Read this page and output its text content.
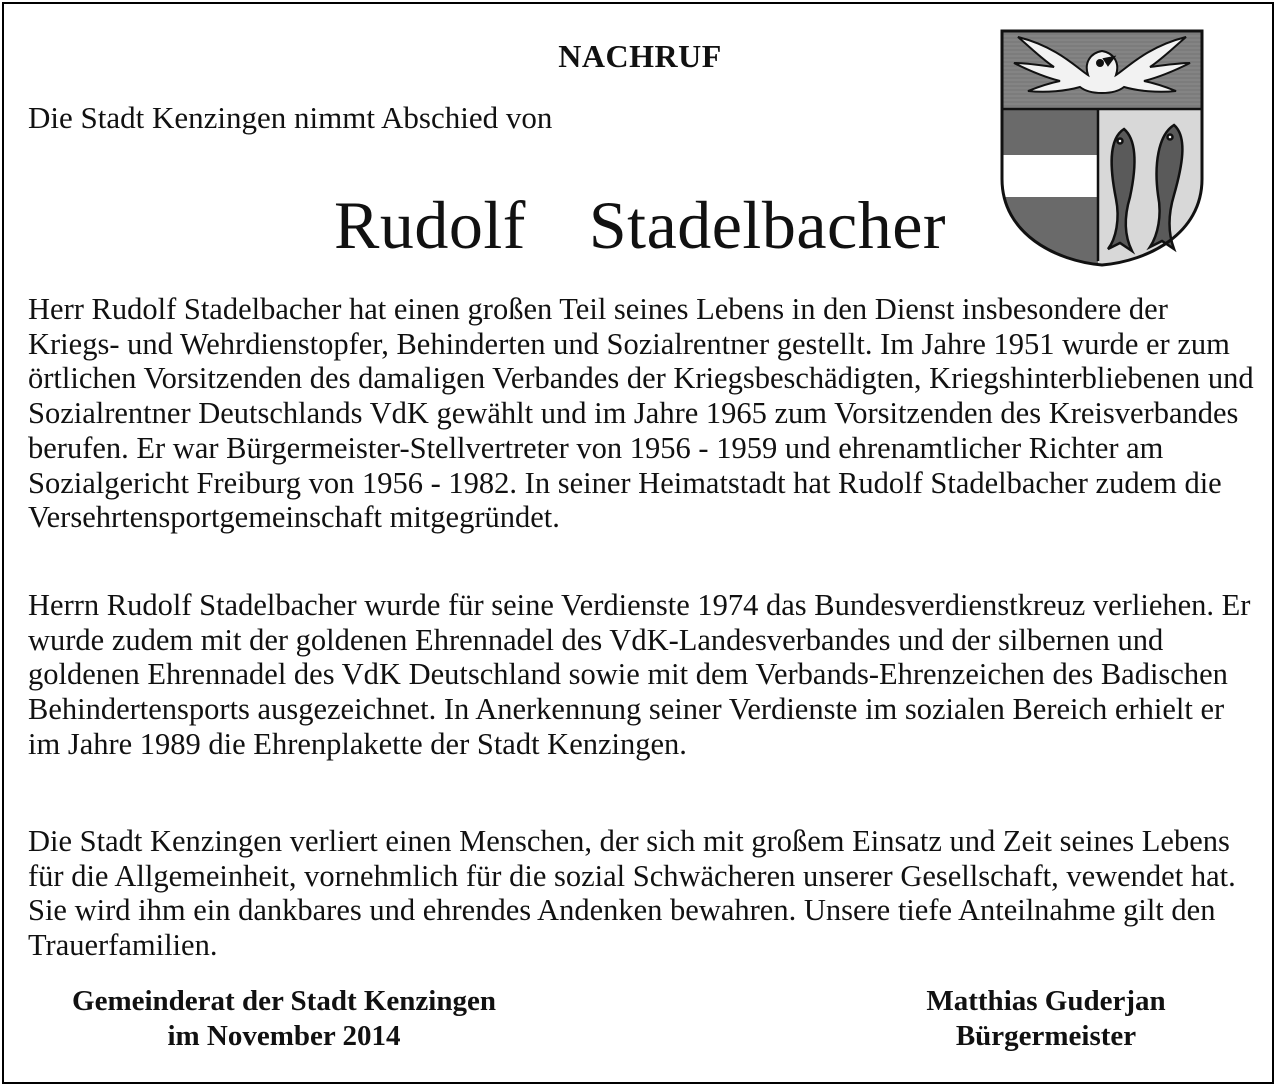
NACHRUF
Die Stadt Kenzingen nimmt Abschied von
Rudolf  Stadelbacher

Herr Rudolf Stadelbacher hat einen großen Teil seines Lebens in den Dienst insbesondere der Kriegs- und Wehrdienstopfer, Behinderten und Sozialrentner gestellt. Im Jahre 1951 wurde er zum örtlichen Vorsitzenden des damaligen Verbandes der Kriegsbeschädigten, Kriegshinterbliebenen und Sozialrentner Deutschlands VdK gewählt und im Jahre 1965 zum Vorsitzenden des Kreisverbandes berufen. Er war Bürgermeister-Stellvertreter von 1956 - 1959 und ehrenamtlicher Richter am Sozialgericht Freiburg von 1956 - 1982. In seiner Heimatstadt hat Rudolf Stadelbacher zudem die Versehrtensportgemeinschaft mitgegründet.

Herrn Rudolf Stadelbacher wurde für seine Verdienste 1974 das Bundesverdienstkreuz verliehen. Er wurde zudem mit der goldenen Ehrennadel des VdK-Landesverbandes und der silbernen und goldenen Ehrennadel des VdK Deutschland sowie mit dem Verbands-Ehrenzeichen des Badischen Behindertensports ausgezeichnet. In Anerkennung seiner Verdienste im sozialen Bereich erhielt er im Jahre 1989 die Ehrenplakette der Stadt Kenzingen.

Die Stadt Kenzingen verliert einen Menschen, der sich mit großem Einsatz und Zeit seines Lebens für die Allgemeinheit, vornehmlich für die sozial Schwächeren unserer Gesellschaft, vewendet hat. Sie wird ihm ein dankbares und ehrendes Andenken bewahren. Unsere tiefe Anteilnahme gilt den Trauerfamilien.

Gemeinderat der Stadt Kenzingen
im November 2014
Matthias Guderjan
Bürgermeister
